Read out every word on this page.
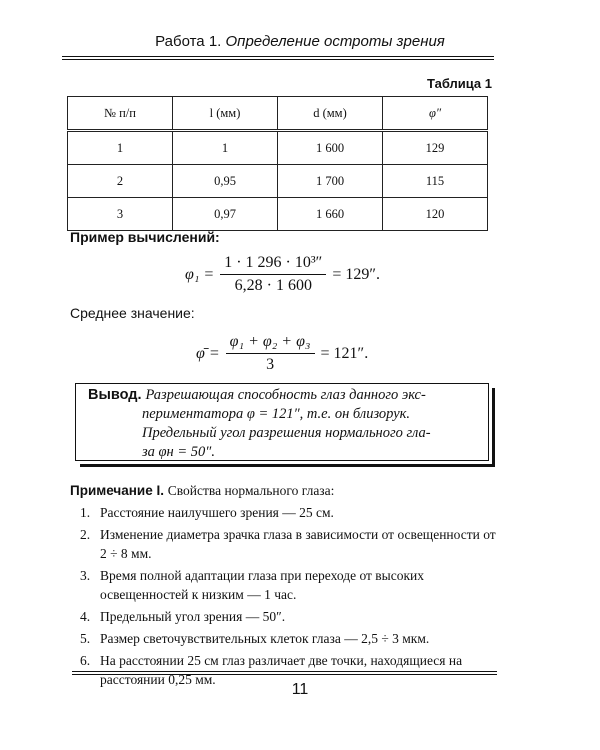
Работа 1. Определение остроты зрения
Таблица 1
№ п/п	l (мм)	d (мм)	φ″
1	1	1 600	129
2	0,95	1 700	115
3	0,97	1 660	120
Пример вычислений:
$\varphi_1 = \frac{\text{1 · 1 296 · 10³″}}{6,28 \cdot 1 600} = 129''$.
Среднее значение:
φ̄ = $\frac{\text{φ₁ + φ₂ + φ₃}}{3} = 121''$.
Вывод. Разрешающая способность глаз данного экс-
периментатора φ = 121″, т.е. он близорук.
Предельный угол разрешения нормального гла-
за φн = 50″.
Примечание I. Свойства нормального глаза:
1. Расстояние наилучшего зрения — 25 см.
2. Изменение диаметра зрачка глаза в зависимости от освещенности от 2 ÷ 8 мм.
3. Время полной адаптации глаза при переходе от высоких освещенностей к низким — 1 час.
4. Предельный угол зрения — 50″.
5. Размер светочувствительных клеток глаза — 2,5 ÷ 3 мкм.
6. На расстоянии 25 см глаз различает две точки, находящиеся на расстоянии 0,25 мм.
11
